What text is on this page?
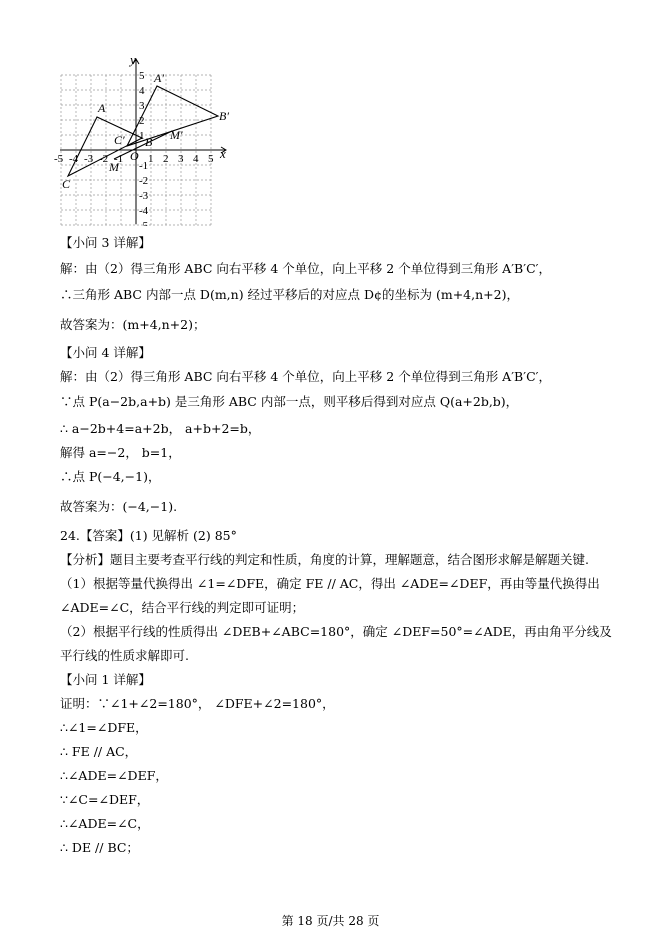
-5 -4 -3 -2 -1 1 2 3 4 5
1
2
3
4
5
-1
-2
-3
-4
-5
x
y
O
A
B
C
M
A′
B′
C′	M′
【小问 3 详解】
解：由（2）得三角形 ABC 向右平移 4 个单位，向上平移 2 个单位得到三角形 A′B′C′，
∴三角形 ABC 内部一点 D(m,n) 经过平移后的对应点 D¢的坐标为 (m+4,n+2)，
故答案为：(m+4,n+2)；
【小问 4 详解】
解：由（2）得三角形 ABC 向右平移 4 个单位，向上平移 2 个单位得到三角形 A′B′C′，
∵点 P(a−2b,a+b) 是三角形 ABC 内部一点，则平移后得到对应点 Q(a+2b,b)，
∴ a−2b+4=a+2b， a+b+2=b，
解得 a=−2， b=1，
∴点 P(−4,−1)，
故答案为：(−4,−1).
24.【答案】(1) 见解析 (2) 85°
【分析】题目主要考查平行线的判定和性质，角度的计算，理解题意，结合图形求解是解题关键.
（1）根据等量代换得出 ∠1=∠DFE，确定 FE // AC，得出 ∠ADE=∠DEF，再由等量代换得出
∠ADE=∠C，结合平行线的判定即可证明；
（2）根据平行线的性质得出 ∠DEB+∠ABC=180°，确定 ∠DEF=50°=∠ADE，再由角平分线及
平行线的性质求解即可.
【小问 1 详解】
证明：∵∠1+∠2=180°， ∠DFE+∠2=180°，
∴∠1=∠DFE，
∴ FE // AC，
∴∠ADE=∠DEF，
∵∠C=∠DEF，
∴∠ADE=∠C，
∴ DE // BC；
第 18 页/共 28 页
